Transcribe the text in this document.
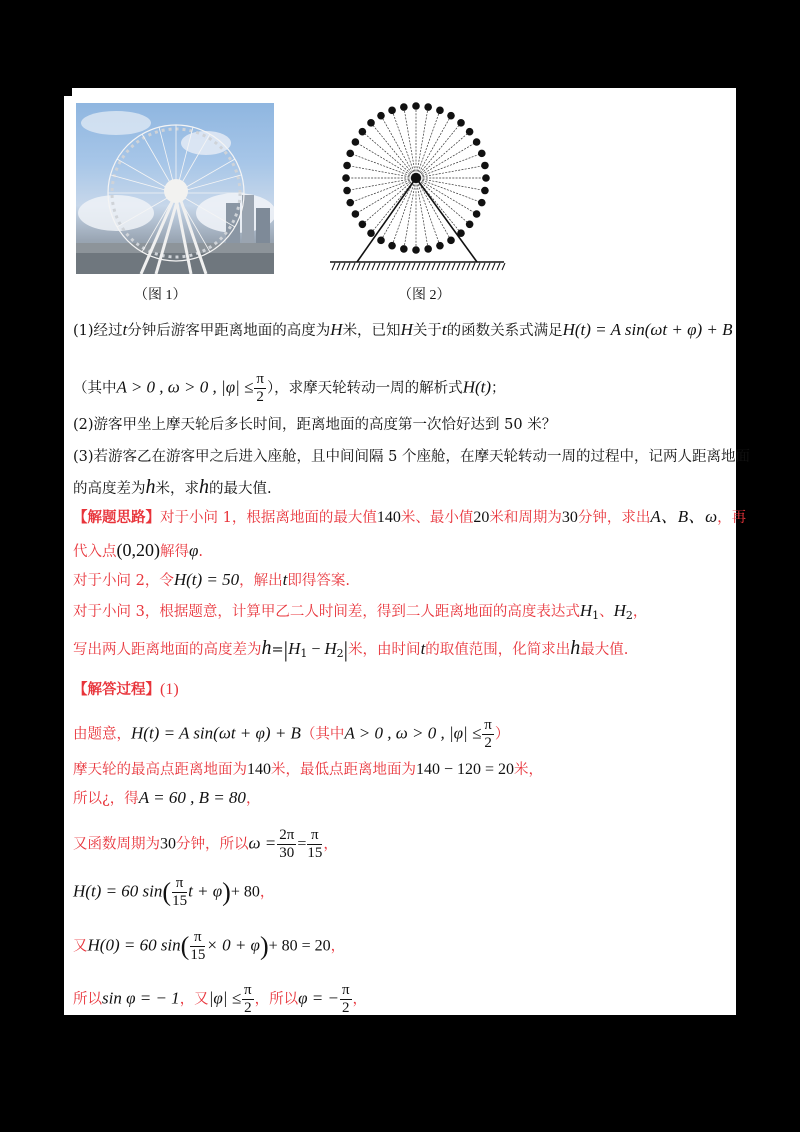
（图 1）	（图 2）
(1)经过t分钟后游客甲距离地面的高度为H米，已知H关于t的函数关系式满足H(t) = A sin(ωt + φ) + B
（其中A > 0 , ω > 0 , $|\varphi| \le \frac{\pi}{2}$ ），求摩天轮转动一周的解析式H(t)；
(2)游客甲坐上摩天轮后多长时间，距离地面的高度第一次恰好达到 50 米？
(3)若游客乙在游客甲之后进入座舱，且中间间隔 5 个座舱，在摩天轮转动一周的过程中，记两人距离地面
的高度差为h米，求h的最大值.
【解题思路】对于小问 1，根据离地面的最大值140米、最小值20米和周期为30分钟，求出A、B、ω，再
代入点(0,20)解得φ.
对于小问 2，令H(t) = 50，解出t即得答案.
对于小问 3，根据题意，计算甲乙二人时间差，得到二人距离地面的高度表达式$H_1$、$H_2$，
写出两人距离地面的高度差为$h=|H_1 - H_2|$米，由时间t的取值范围，化简求出h最大值.
【解答过程】(1)
由题意，H(t) = A sin(ωt + φ) + B（其中A > 0 , ω > 0 , $|\varphi| \le \frac{\pi}{2}$ ）
摩天轮的最高点距离地面为140米，最低点距离地面为140 − 120 = 20米，
所以¿，得A = 60 , B = 80，
又函数周期为30分钟，所以$\omega = \frac{2\pi}{30} = \frac{\pi}{15}$ ，
H(t) = 60 $\sin( \frac{\pi}{15}$ t + φ)+ 80，
又H(0) = 60 $\sin( \frac{\pi}{15} \times 0 + \varphi)+ 80 = 20$，
所以sin φ = − 1，又$|\varphi| \le \frac{\pi}{2}$ ，所以φ = − $\frac{\pi}{2}$ ，
